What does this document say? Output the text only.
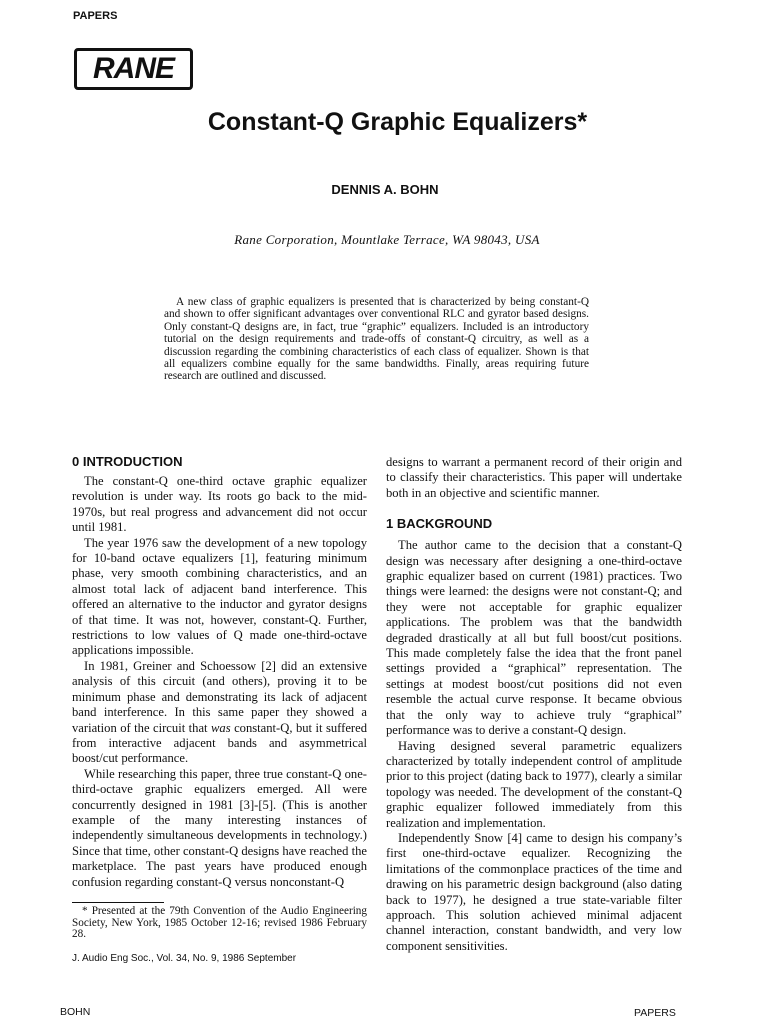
PAPERS
RANE
Constant-Q Graphic Equalizers*
DENNIS A. BOHN
Rane Corporation, Mountlake Terrace, WA 98043, USA

A new class of graphic equalizers is presented that is characterized by being constant-Q and shown to offer significant advantages over conventional RLC and gyrator based designs. Only constant-Q designs are, in fact, true “graphic” equalizers. Included is an introductory tutorial on the design requirements and trade-offs of constant-Q circuitry, as well as a discussion regarding the combining characteristics of each class of equalizer. Shown is that all equalizers combine equally for the same bandwidths. Finally, areas requiring future research are outlined and discussed.

0 INTRODUCTION

The constant-Q one-third octave graphic equalizer revolution is under way. Its roots go back to the mid-1970s, but real progress and advancement did not occur until 1981.

The year 1976 saw the development of a new topology for 10-band octave equalizers [1], featuring minimum phase, very smooth combining characteristics, and an almost total lack of adjacent band interference. This offered an alternative to the inductor and gyrator designs of that time. It was not, however, constant-Q. Further, restrictions to low values of Q made one-third-octave applications impossible.

In 1981, Greiner and Schoessow [2] did an extensive analysis of this circuit (and others), proving it to be minimum phase and demonstrating its lack of adjacent band interference. In this same paper they showed a variation of the circuit that was constant-Q, but it suffered from interactive adjacent bands and asymmetrical boost/cut performance.

While researching this paper, three true constant-Q one-third-octave graphic equalizers emerged. All were concurrently designed in 1981 [3]-[5]. (This is another example of the many interesting instances of independently simultaneous developments in technology.) Since that time, other constant-Q designs have reached the marketplace. The past years have produced enough confusion regarding constant-Q versus nonconstant-Q

designs to warrant a permanent record of their origin and to classify their characteristics. This paper will undertake both in an objective and scientific manner.

1 BACKGROUND

The author came to the decision that a constant-Q design was necessary after designing a one-third-octave graphic equalizer based on current (1981) practices. Two things were learned: the designs were not constant-Q; and they were not acceptable for graphic equalizer applications. The problem was that the bandwidth degraded drastically at all but full boost/cut positions. This made completely false the idea that the front panel settings provided a “graphical” representation. The settings at modest boost/cut positions did not even resemble the actual curve response. It became obvious that the only way to achieve truly “graphical” performance was to derive a constant-Q design.

Having designed several parametric equalizers characterized by totally independent control of amplitude prior to this project (dating back to 1977), clearly a similar topology was needed. The development of the constant-Q graphic equalizer followed immediately from this realization and implementation.

Independently Snow [4] came to design his company’s first one-third-octave equalizer. Recognizing the limitations of the commonplace practices of the time and drawing on his parametric design background (also dating back to 1977), he designed a true state-variable filter approach. This solution achieved minimal adjacent channel interaction, constant bandwidth, and very low component sensitivities.

* Presented at the 79th Convention of the Audio Engineering Society, New York, 1985 October 12-16; revised 1986 February 28.

J. Audio Eng Soc., Vol. 34, No. 9, 1986 September
BOHN	PAPERS
